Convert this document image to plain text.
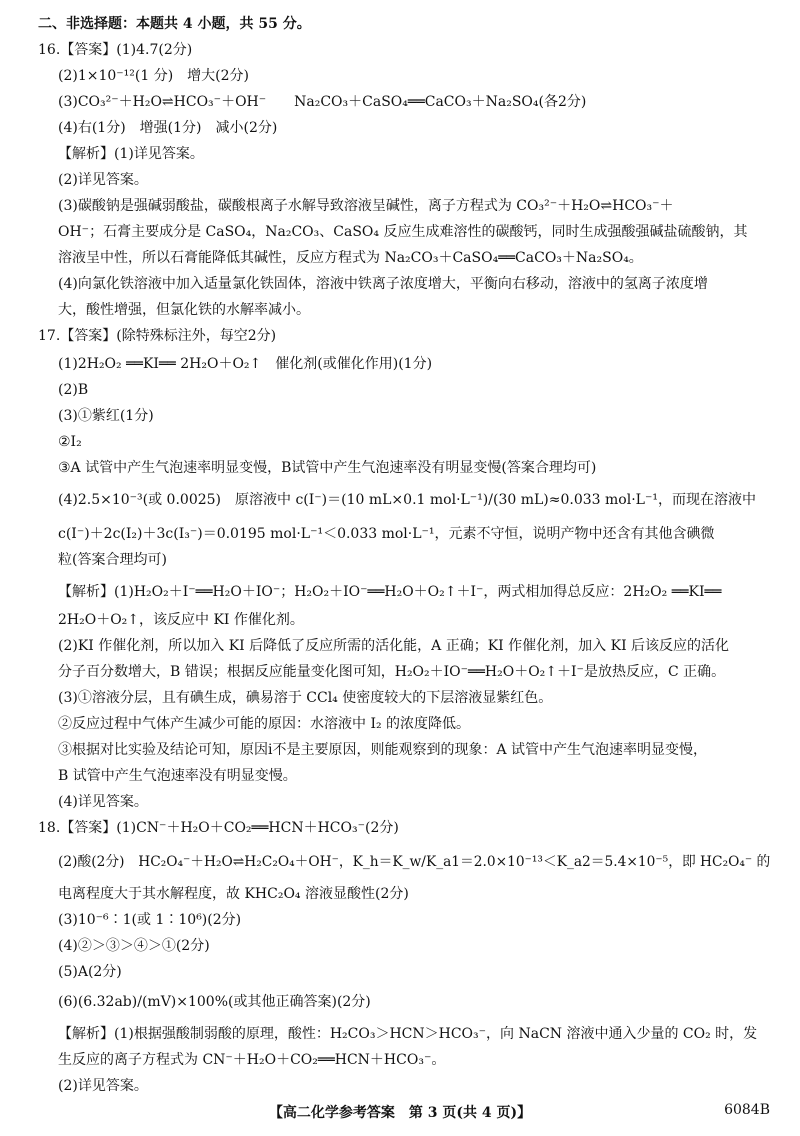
【高二化学参考答案　第 3 页(共 4 页)】	6084B
二、非选择题：本题共 4 小题，共 55 分。
16.【答案】(1)4.7(2分)
(2)1×10⁻¹²(1 分)　增大(2分)
(3)CO₃²⁻＋H₂O⇌HCO₃⁻＋OH⁻　　Na₂CO₃＋CaSO₄══CaCO₃＋Na₂SO₄(各2分)
(4)右(1分)　增强(1分)　减小(2分)
【解析】(1)详见答案。
(2)详见答案。
(3)碳酸钠是强碱弱酸盐，碳酸根离子水解导致溶液呈碱性，离子方程式为 CO₃²⁻＋H₂O⇌HCO₃⁻＋
OH⁻；石膏主要成分是 CaSO₄，Na₂CO₃、CaSO₄ 反应生成难溶性的碳酸钙，同时生成强酸强碱盐硫酸钠，其
溶液呈中性，所以石膏能降低其碱性，反应方程式为 Na₂CO₃＋CaSO₄══CaCO₃＋Na₂SO₄。
(4)向氯化铁溶液中加入适量氯化铁固体，溶液中铁离子浓度增大，平衡向右移动，溶液中的氢离子浓度增
大，酸性增强，但氯化铁的水解率减小。
17.【答案】(除特殊标注外，每空2分)
(1)2H₂O₂ ══KI══ 2H₂O＋O₂↑　催化剂(或催化作用)(1分)
(2)B
(3)①紫红(1分)
②I₂
③A 试管中产生气泡速率明显变慢，B试管中产生气泡速率没有明显变慢(答案合理均可)
(4)2.5×10⁻³(或 0.0025)　原溶液中 c(I⁻)＝(10 mL×0.1 mol·L⁻¹)/(30 mL)≈0.033 mol·L⁻¹，而现在溶液中
c(I⁻)＋2c(I₂)＋3c(I₃⁻)＝0.0195 mol·L⁻¹＜0.033 mol·L⁻¹，元素不守恒，说明产物中还含有其他含碘微
粒(答案合理均可)
【解析】(1)H₂O₂＋I⁻══H₂O＋IO⁻；H₂O₂＋IO⁻══H₂O＋O₂↑＋I⁻，两式相加得总反应：2H₂O₂ ══KI══
2H₂O＋O₂↑，该反应中 KI 作催化剂。
(2)KI 作催化剂，所以加入 KI 后降低了反应所需的活化能，A 正确；KI 作催化剂，加入 KI 后该反应的活化
分子百分数增大，B 错误；根据反应能量变化图可知，H₂O₂＋IO⁻══H₂O＋O₂↑＋I⁻是放热反应，C 正确。
(3)①溶液分层，且有碘生成，碘易溶于 CCl₄ 使密度较大的下层溶液显紫红色。
②反应过程中气体产生减少可能的原因：水溶液中 I₂ 的浓度降低。
③根据对比实验及结论可知，原因ⅰ不是主要原因，则能观察到的现象：A 试管中产生气泡速率明显变慢，
B 试管中产生气泡速率没有明显变慢。
(4)详见答案。
18.【答案】(1)CN⁻＋H₂O＋CO₂══HCN＋HCO₃⁻(2分)
(2)酸(2分)　HC₂O₄⁻＋H₂O⇌H₂C₂O₄＋OH⁻，K_h＝K_w/K_a1＝2.0×10⁻¹³＜K_a2＝5.4×10⁻⁵，即 HC₂O₄⁻ 的
电离程度大于其水解程度，故 KHC₂O₄ 溶液显酸性(2分)
(3)10⁻⁶∶1(或 1∶10⁶)(2分)
(4)②＞③＞④＞①(2分)
(5)A(2分)
(6)(6.32ab)/(mV)×100%(或其他正确答案)(2分)
【解析】(1)根据强酸制弱酸的原理，酸性：H₂CO₃＞HCN＞HCO₃⁻，向 NaCN 溶液中通入少量的 CO₂ 时，发
生反应的离子方程式为 CN⁻＋H₂O＋CO₂══HCN＋HCO₃⁻。
(2)详见答案。
